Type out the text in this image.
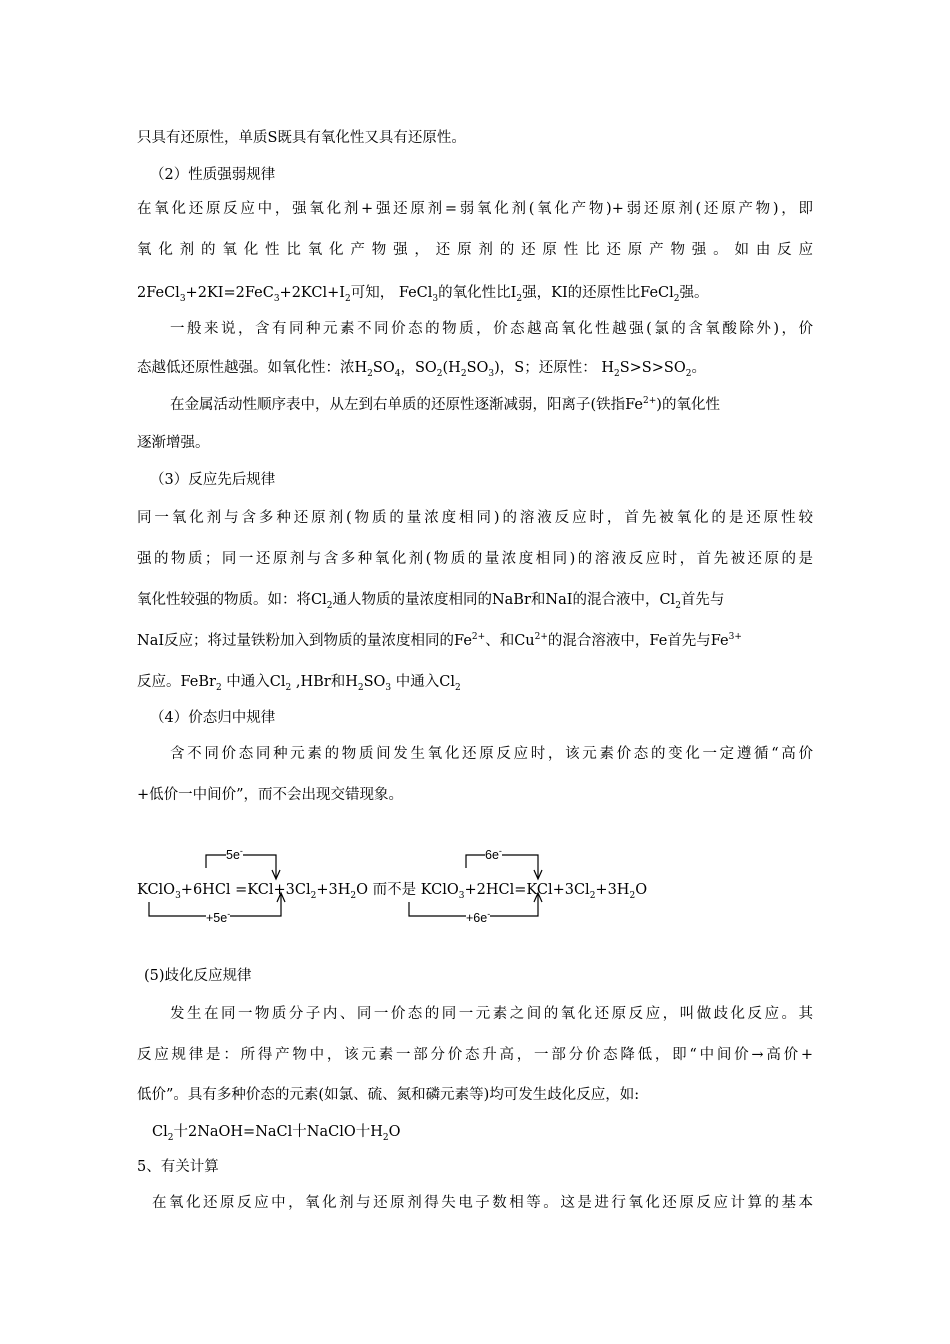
只具有还原性，单质S既具有氧化性又具有还原性。
（2）性质强弱规律
在氧化还原反应中，强氧化剂+强还原剂=弱氧化剂(氧化产物)+弱还原剂(还原产物)，即
氧化剂的氧化性比氧化产物强，还原剂的还原性比还原产物强。如由反应
$2FeCl_3+2KI=2FeC_3+2KCl+I_2$可知， FeCl$_3$的氧化性比$I_2$强，KI的还原性比FeCl$_2$强。
一般来说，含有同种元素不同价态的物质，价态越高氧化性越强(氯的含氧酸除外)，价
态越低还原性越强。如氧化性：浓$H_2SO_4$，$SO_2(H_2SO_3)$，S；还原性： $H_2S>S>SO_2$。
在金属活动性顺序表中，从左到右单质的还原性逐渐减弱，阳离子(铁指$Fe^{2+}$)的氧化性
逐渐增强。
（3）反应先后规律
同一氧化剂与含多种还原剂(物质的量浓度相同)的溶液反应时，首先被氧化的是还原性较
强的物质；同一还原剂与含多种氧化剂(物质的量浓度相同)的溶液反应时，首先被还原的是
氧化性较强的物质。如：将$Cl_2$通人物质的量浓度相同的NaBr和NaI的混合液中，$Cl_2$首先与
NaI反应；将过量铁粉加入到物质的量浓度相同的$Fe^{2+}$、和$Cu^{2+}$的混合溶液中，Fe首先与$Fe^{3+}$
反应。FeBr$_2$ 中通入$Cl_2$ ,HBr和$H_2SO_3$ 中通入$Cl_2$
（4）价态归中规律
含不同价态同种元素的物质间发生氧化还原反应时，该元素价态的变化一定遵循“高价
+低价一中间价”，而不会出现交错现象。
5e-	6e-
KClO$_3$+6HCl $=KCl+3Cl_2+3H_2O$ 而不是 $KClO_3+2HCl=KCl+3Cl_2+3H_2O$
+5e-	+6e-
(5)歧化反应规律
发生在同一物质分子内、同一价态的同一元素之间的氧化还原反应，叫做歧化反应。其
反应规律是：所得产物中，该元素一部分价态升高，一部分价态降低，即“中间价→高价+
低价”。具有多种价态的元素(如氯、硫、氮和磷元素等)均可发生歧化反应，如:
$Cl_2$十2NaOH=NaCl十NaClO十$H_2O$
5、有关计算
在氧化还原反应中，氧化剂与还原剂得失电子数相等。这是进行氧化还原反应计算的基本
